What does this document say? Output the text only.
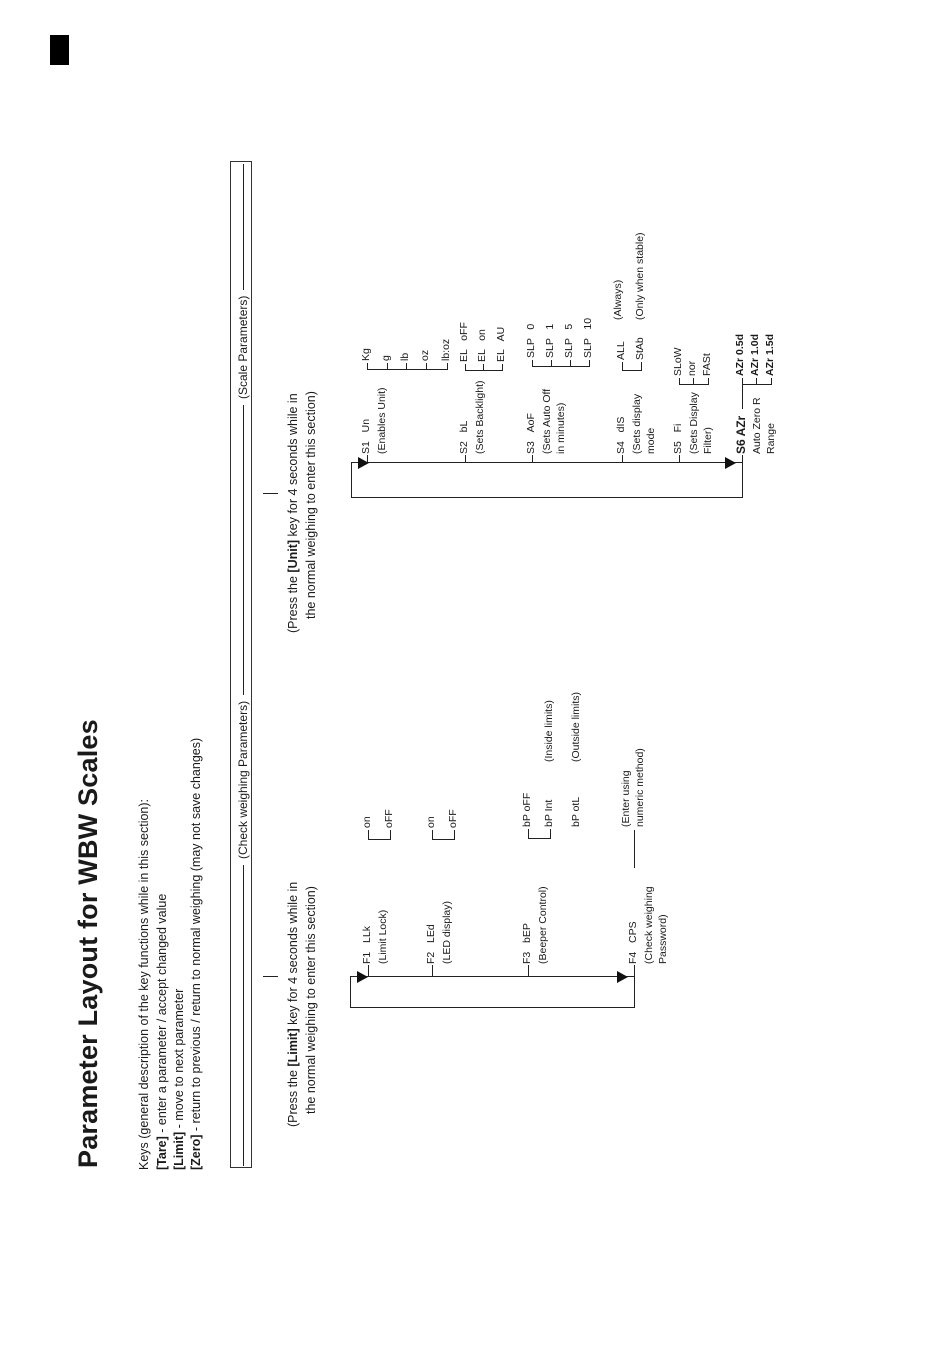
Parameter Layout for WBW Scales	Keys (general description of the key functions while in this section): [Tare] - enter a parameter / accept changed value
[Limit] - move to next parameter
[Zero] - return to previous / return to normal weighing (may not save changes)	(Check weighing Parameters)
(Scale Parameters)
(Press the [Limit] key for 4 seconds while in the normal weighing to enter this section)
(Press the [Unit] key for 4 seconds while in the normal weighing to enter this section)
F1   LLk (Limit Lock)
on oFF
F2   LEd (LED display)
on oFF
F3   bEP (Beeper Control)
bP oFF bP Int bP otL
(Inside limits) (Outside limits)
F4   CPS (Check weighing Password)
(Enter using numeric method)
S1   Un (Enables Unit)
Kg g lb oz lb:oz
S2   bL (Sets Backlight)
EL   oFF EL   on EL   AU
S3   AoF (Sets Auto Off in minutes)
SLP   0 SLP   1 SLP   5 SLP   10
S4   dIS (Sets display mode
ALL StAb
(Always) (Only when stable)
S5   Fi (Sets Display Filter)
SLoW nor FASt
S6 AZr Auto Zero R Range
AZr 0.5d AZr 1.0d AZr 1.5d
